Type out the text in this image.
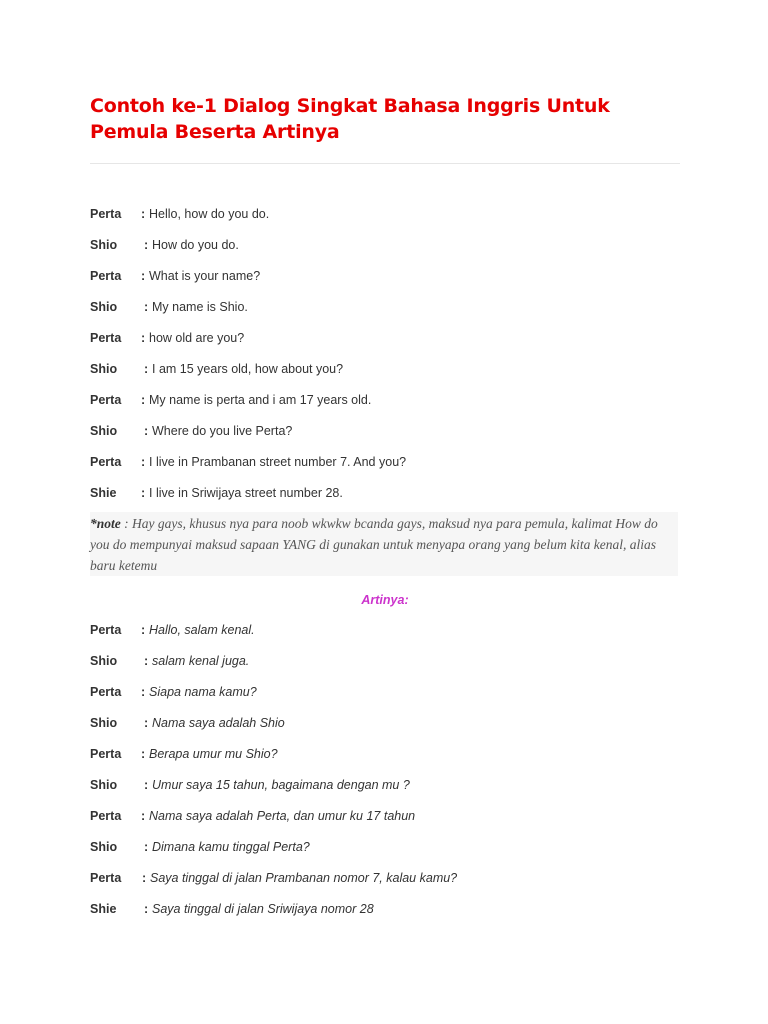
Contoh ke-1 Dialog Singkat Bahasa Inggris Untuk
Pemula Beserta Artinya
Perta : Hello, how do you do.
Shio : How do you do.
Perta : What is your name?
Shio : My name is Shio.
Perta : how old are you?
Shio : I am 15 years old, how about you?
Perta : My name is perta and i am 17 years old.
Shio : Where do you live Perta?
Perta : I live in Prambanan street number 7. And you?
Shie : I live in Sriwijaya street number 28.
*note : Hay gays, khusus nya para noob wkwkw bcanda gays, maksud nya para pemula, kalimat How do you do mempunyai maksud sapaan YANG di gunakan untuk menyapa orang yang belum kita kenal, alias baru ketemu
Artinya:
Perta : Hallo, salam kenal.
Shio : salam kenal juga.
Perta : Siapa nama kamu?
Shio : Nama saya adalah Shio
Perta : Berapa umur mu Shio?
Shio : Umur saya 15 tahun, bagaimana dengan mu ?
Perta : Nama saya adalah Perta, dan umur ku 17 tahun
Shio : Dimana kamu tinggal Perta?
Perta : Saya tinggal di jalan Prambanan nomor 7, kalau kamu?
Shie : Saya tinggal di jalan Sriwijaya nomor 28
